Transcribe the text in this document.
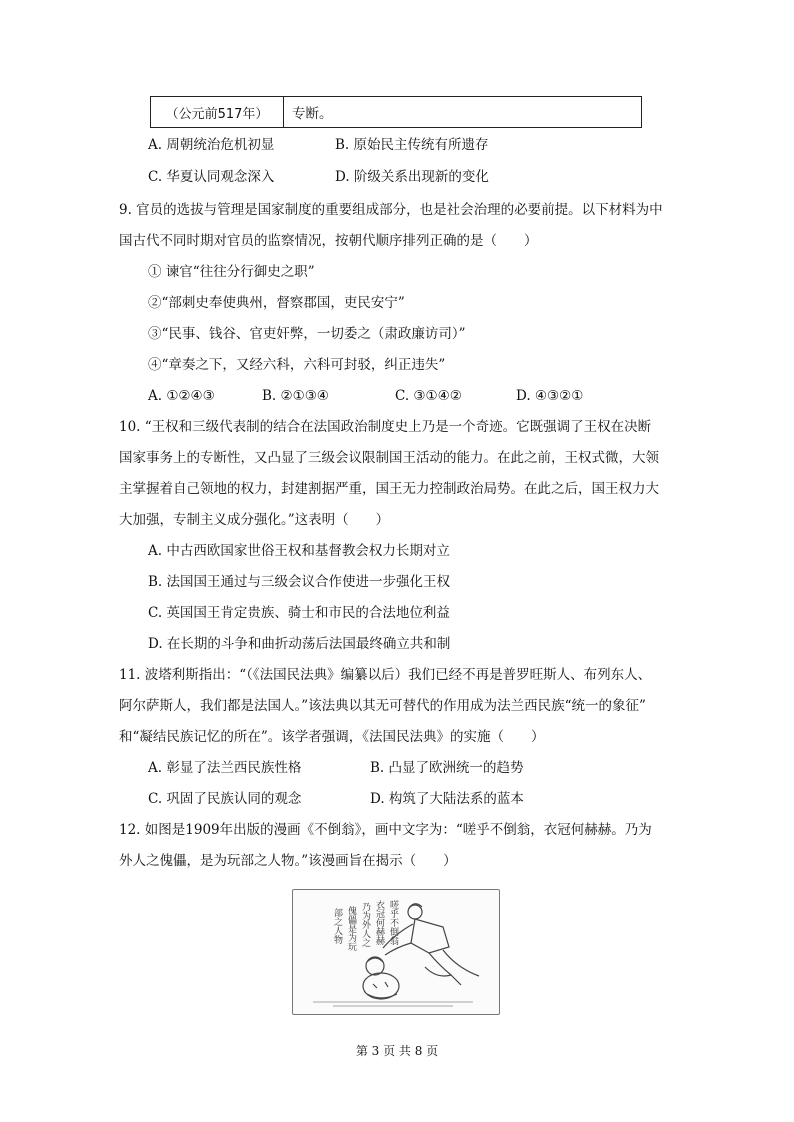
（公元前517年）	专断。
A. 周朝统治危机初显	B. 原始民主传统有所遗存
C. 华夏认同观念深入	D. 阶级关系出现新的变化
9. 官员的选拔与管理是国家制度的重要组成部分，也是社会治理的必要前提。以下材料为中
国古代不同时期对官员的监察情况，按朝代顺序排列正确的是（　　）
① 谏官“往往分行御史之职”
②“部刺史奉使典州，督察郡国，吏民安宁”
③“民事、钱谷、官吏奸弊，一切委之（肃政廉访司）”
④“章奏之下，又经六科，六科可封驳，纠正违失”
A. ①②④③	B. ②①③④	C. ③①④②	D. ④③②①
10. “王权和三级代表制的结合在法国政治制度史上乃是一个奇迹。它既强调了王权在决断
国家事务上的专断性，又凸显了三级会议限制国王活动的能力。在此之前，王权式微，大领
主掌握着自己领地的权力，封建割据严重，国王无力控制政治局势。在此之后，国王权力大
大加强，专制主义成分强化。”这表明（　　）
A. 中古西欧国家世俗王权和基督教会权力长期对立
B. 法国国王通过与三级会议合作使进一步强化王权
C. 英国国王肯定贵族、骑士和市民的合法地位利益
D. 在长期的斗争和曲折动荡后法国最终确立共和制
11. 波塔利斯指出：“（《法国民法典》编纂以后）我们已经不再是普罗旺斯人、布列东人、
阿尔萨斯人，我们都是法国人。”该法典以其无可替代的作用成为法兰西民族“统一的象征”
和“凝结民族记忆的所在”。该学者强调，《法国民法典》的实施（　　）
A. 彰显了法兰西民族性格	B. 凸显了欧洲统一的趋势
C. 巩固了民族认同的观念	D. 构筑了大陆法系的蓝本
12. 如图是1909年出版的漫画《不倒翁》，画中文字为：“嗟乎不倒翁，衣冠何赫赫。乃为
外人之傀儡，是为玩部之人物。”该漫画旨在揭示（　　）
嗟乎不倒翁
衣冠何赫赫
乃为外人之
傀儡是为玩
部之人物
第 3 页 共 8 页
